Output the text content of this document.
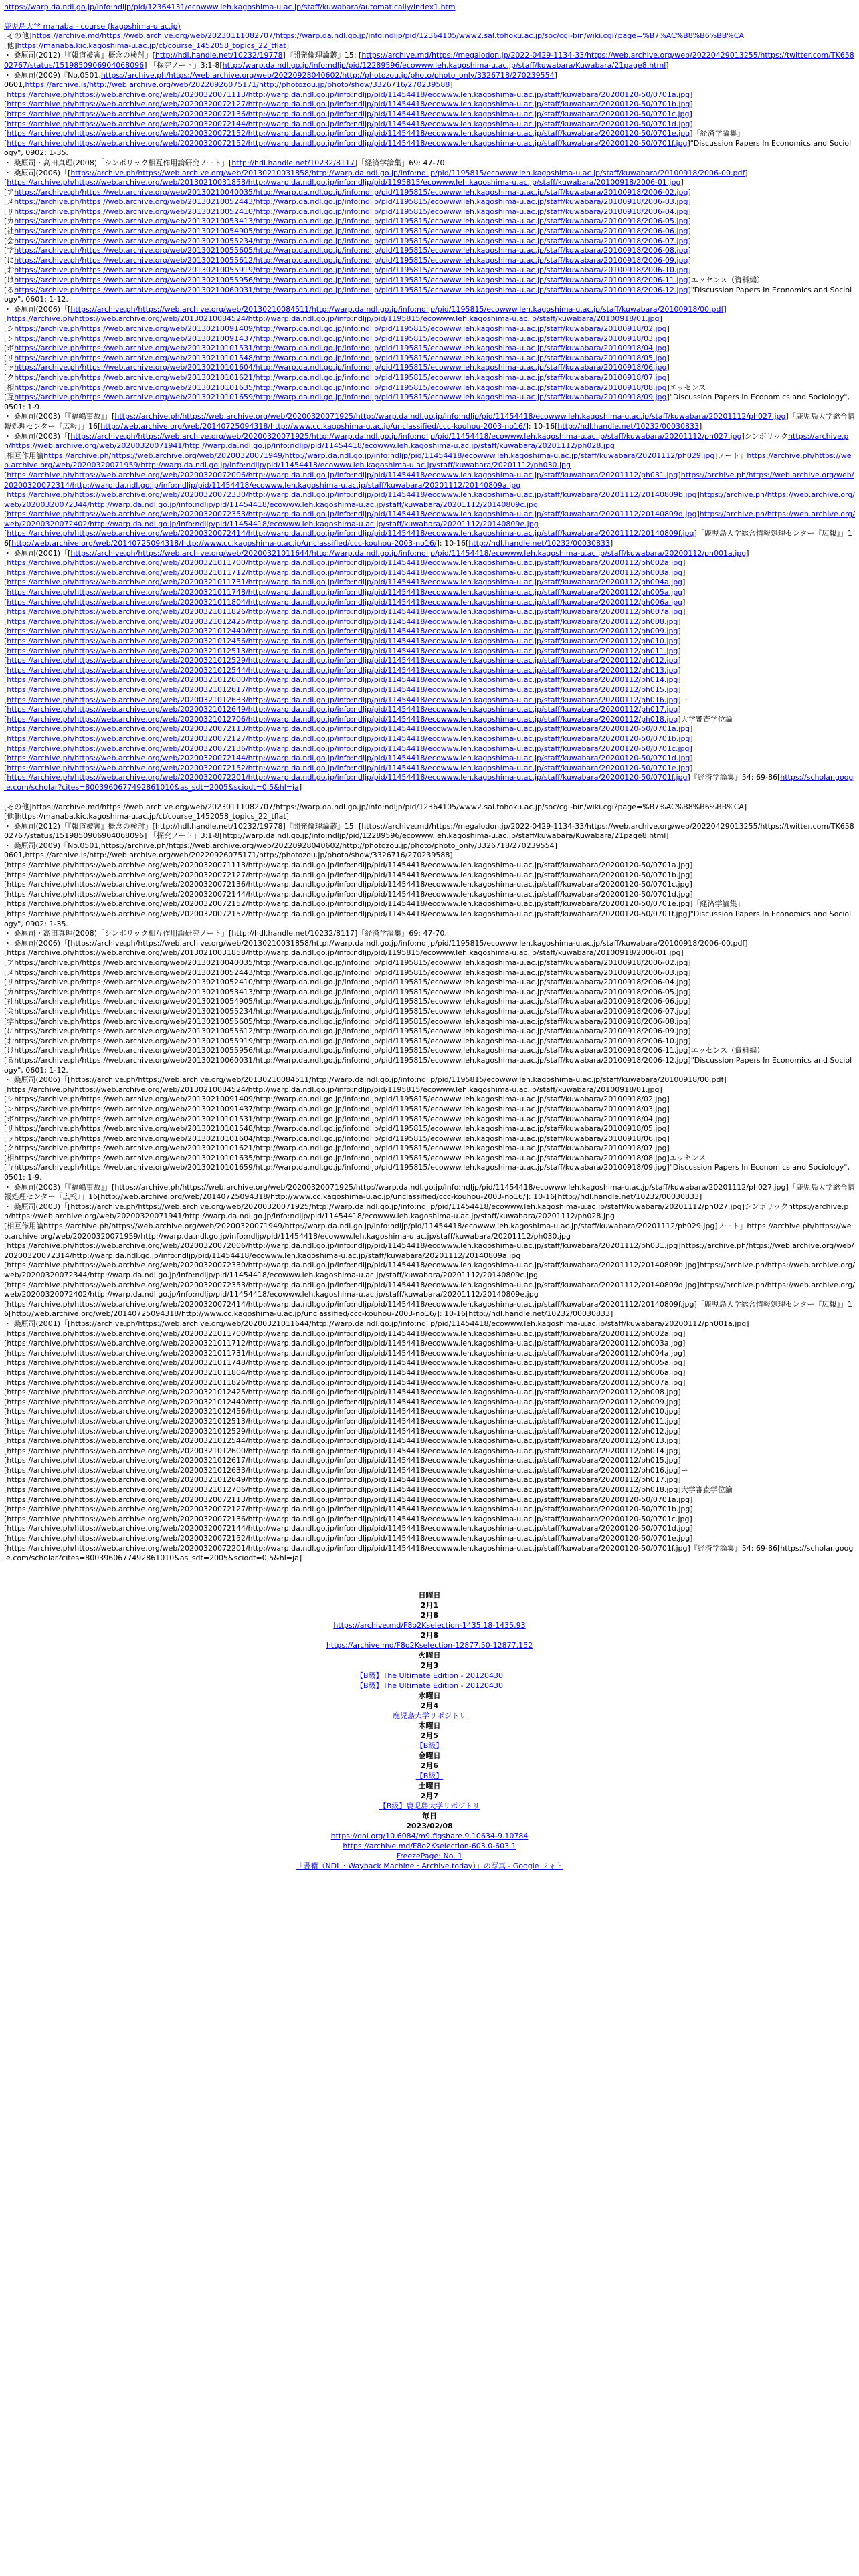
https://warp.da.ndl.go.jp/info:ndljp/pid/12364131/ecowww.leh.kagoshima-u.ac.jp/staff/kuwabara/automatically/index1.htm
鹿児島大学 manaba - course (kagoshima-u.ac.jp)
[その他]https://archive.md/https://web.archive.org/web/20230111082707/https://warp.da.ndl.go.jp/info:ndljp/pid/12364105/www2.sal.tohoku.ac.jp/soc/cgi-bin/wiki.cgi?page=%B7%AC%B8%B6%BB%CA
[他]https://manaba.kic.kagoshima-u.ac.jp/ct/course_1452058_topics_22_tflat]
・ 桑原司(2012)「『報道被害』概念の検討」[http://hdl.handle.net/10232/19778]『開発倫理論叢』15: [https://archive.md/https://megalodon.jp/2022-0429-1134-33/https://web.archive.org/web/20220429013255/https://twitter.com/TK65802767/status/1519850906904068096] 「探究ノート」3:1-8[http://warp.da.ndl.go.jp/info:ndljp/pid/12289596/ecowww.leh.kagoshima-u.ac.jp/staff/kuwabara/Kuwabara/21page8.html]
・ 桑原司(2009)『No.0501,https://archive.ph/https://web.archive.org/web/20220928040602/http://photozou.jp/photo/photo_only/3326718/270239554]
0601,https://archive.is/http://web.archive.org/web/20220926075171/http://photozou.jp/photo/show/3326716/270239588]
[https://archive.ph/https://web.archive.org/web/20200320071113/http://warp.da.ndl.go.jp/info:ndljp/pid/11454418/ecowww.leh.kagoshima-u.ac.jp/staff/kuwabara/20200120-50/0701a.jpg]
[https://archive.ph/https://web.archive.org/web/20200320072127/http://warp.da.ndl.go.jp/info:ndljp/pid/11454418/ecowww.leh.kagoshima-u.ac.jp/staff/kuwabara/20200120-50/0701b.jpg]
[https://archive.ph/https://web.archive.org/web/20200320072136/http://warp.da.ndl.go.jp/info:ndljp/pid/11454418/ecowww.leh.kagoshima-u.ac.jp/staff/kuwabara/20200120-50/0701c.jpg]
[https://archive.ph/https://web.archive.org/web/20200320072144/http://warp.da.ndl.go.jp/info:ndljp/pid/11454418/ecowww.leh.kagoshima-u.ac.jp/staff/kuwabara/20200120-50/0701d.jpg]
[https://archive.ph/https://web.archive.org/web/20200320072152/http://warp.da.ndl.go.jp/info:ndljp/pid/11454418/ecowww.leh.kagoshima-u.ac.jp/staff/kuwabara/20200120-50/0701e.jpg]「経済学論集」
[https://archive.ph/https://web.archive.org/web/20200320072152/http://warp.da.ndl.go.jp/info:ndljp/pid/11454418/ecowww.leh.kagoshima-u.ac.jp/staff/kuwabara/20200120-50/0701f.jpg]"Discussion Papers In Economics and Sociology", 0902: 1-35.
・ 桑原司・高田真理(2008)「シンボリック相互作用論研究ノート」[http://hdl.handle.net/10232/8117]「経済学論集」69: 47-70.
・ 桑原司(2006)「[https://archive.ph/https://web.archive.org/web/20130210031858/http://warp.da.ndl.go.jp/info:ndljp/pid/1195815/ecowww.leh.kagoshima-u.ac.jp/staff/kuwabara/20100918/2006-00.pdf]
[https://archive.ph/https://web.archive.org/web/20130210031858/http://warp.da.ndl.go.jp/info:ndljp/pid/1195815/ecowww.leh.kagoshima-u.ac.jp/staff/kuwabara/20100918/2006-01.jpg]
[アhttps://archive.ph/https://web.archive.org/web/20130210040035/http://warp.da.ndl.go.jp/info:ndljp/pid/1195815/ecowww.leh.kagoshima-u.ac.jp/staff/kuwabara/20100918/2006-02.jpg]
[メhttps://archive.ph/https://web.archive.org/web/20130210052443/http://warp.da.ndl.go.jp/info:ndljp/pid/1195815/ecowww.leh.kagoshima-u.ac.jp/staff/kuwabara/20100918/2006-03.jpg]
[リhttps://archive.ph/https://web.archive.org/web/20130210052410/http://warp.da.ndl.go.jp/info:ndljp/pid/1195815/ecowww.leh.kagoshima-u.ac.jp/staff/kuwabara/20100918/2006-04.jpg]
[カhttps://archive.ph/https://web.archive.org/web/20130210053413/http://warp.da.ndl.go.jp/info:ndljp/pid/1195815/ecowww.leh.kagoshima-u.ac.jp/staff/kuwabara/20100918/2006-05.jpg]
[社https://archive.ph/https://web.archive.org/web/20130210054905/http://warp.da.ndl.go.jp/info:ndljp/pid/1195815/ecowww.leh.kagoshima-u.ac.jp/staff/kuwabara/20100918/2006-06.jpg]
[会https://archive.ph/https://web.archive.org/web/20130210055234/http://warp.da.ndl.go.jp/info:ndljp/pid/1195815/ecowww.leh.kagoshima-u.ac.jp/staff/kuwabara/20100918/2006-07.jpg]
[学https://archive.ph/https://web.archive.org/web/20130210055605/http://warp.da.ndl.go.jp/info:ndljp/pid/1195815/ecowww.leh.kagoshima-u.ac.jp/staff/kuwabara/20100918/2006-08.jpg]
[にhttps://archive.ph/https://web.archive.org/web/20130210055612/http://warp.da.ndl.go.jp/info:ndljp/pid/1195815/ecowww.leh.kagoshima-u.ac.jp/staff/kuwabara/20100918/2006-09.jpg]
[おhttps://archive.ph/https://web.archive.org/web/20130210055919/http://warp.da.ndl.go.jp/info:ndljp/pid/1195815/ecowww.leh.kagoshima-u.ac.jp/staff/kuwabara/20100918/2006-10.jpg]
[けhttps://archive.ph/https://web.archive.org/web/20130210055956/http://warp.da.ndl.go.jp/info:ndljp/pid/1195815/ecowww.leh.kagoshima-u.ac.jp/staff/kuwabara/20100918/2006-11.jpg]エッセンス（資料編）
[るhttps://archive.ph/https://web.archive.org/web/20130210060031/http://warp.da.ndl.go.jp/info:ndljp/pid/1195815/ecowww.leh.kagoshima-u.ac.jp/staff/kuwabara/20100918/2006-12.jpg]"Discussion Papers In Economics and Sociology", 0601: 1-12.
・ 桑原司(2006)「[https://archive.ph/https://web.archive.org/web/20130210084511/http://warp.da.ndl.go.jp/info:ndljp/pid/1195815/ecowww.leh.kagoshima-u.ac.jp/staff/kuwabara/20100918/00.pdf]
[https://archive.ph/https://web.archive.org/web/20130210084524/http://warp.da.ndl.go.jp/info:ndljp/pid/1195815/ecowww.leh.kagoshima-u.ac.jp/staff/kuwabara/20100918/01.jpg]
[シhttps://archive.ph/https://web.archive.org/web/20130210091409/http://warp.da.ndl.go.jp/info:ndljp/pid/1195815/ecowww.leh.kagoshima-u.ac.jp/staff/kuwabara/20100918/02.jpg]
[ンhttps://archive.ph/https://web.archive.org/web/20130210091437/http://warp.da.ndl.go.jp/info:ndljp/pid/1195815/ecowww.leh.kagoshima-u.ac.jp/staff/kuwabara/20100918/03.jpg]
[ボhttps://archive.ph/https://web.archive.org/web/20130210101531/http://warp.da.ndl.go.jp/info:ndljp/pid/1195815/ecowww.leh.kagoshima-u.ac.jp/staff/kuwabara/20100918/04.jpg]
[リhttps://archive.ph/https://web.archive.org/web/20130210101548/http://warp.da.ndl.go.jp/info:ndljp/pid/1195815/ecowww.leh.kagoshima-u.ac.jp/staff/kuwabara/20100918/05.jpg]
[ッhttps://archive.ph/https://web.archive.org/web/20130210101604/http://warp.da.ndl.go.jp/info:ndljp/pid/1195815/ecowww.leh.kagoshima-u.ac.jp/staff/kuwabara/20100918/06.jpg]
[クhttps://archive.ph/https://web.archive.org/web/20130210101621/http://warp.da.ndl.go.jp/info:ndljp/pid/1195815/ecowww.leh.kagoshima-u.ac.jp/staff/kuwabara/20100918/07.jpg]
[相https://archive.ph/https://web.archive.org/web/20130210101635/http://warp.da.ndl.go.jp/info:ndljp/pid/1195815/ecowww.leh.kagoshima-u.ac.jp/staff/kuwabara/20100918/08.jpg]エッセンス
[互https://archive.ph/https://web.archive.org/web/20130210101659/http://warp.da.ndl.go.jp/info:ndljp/pid/1195815/ecowww.leh.kagoshima-u.ac.jp/staff/kuwabara/20100918/09.jpg]"Discussion Papers In Economics and Sociology", 0501: 1-9.
・ 桑原司(2003)「『福嶋事故』」[https://archive.ph/https://web.archive.org/web/20200320071925/http://warp.da.ndl.go.jp/info:ndljp/pid/11454418/ecowww.leh.kagoshima-u.ac.jp/staff/kuwabara/20201112/ph027.jpg]「鹿児島大学総合情報処理センター『広報』」16[http://web.archive.org/web/20140725094318/http://www.cc.kagoshima-u.ac.jp/unclassified/ccc-kouhou-2003-no16/]: 10-16[http://hdl.handle.net/10232/00030833]
・ 桑原司(2003)「[https://archive.ph/https://web.archive.org/web/20200320071925/http://warp.da.ndl.go.jp/info:ndljp/pid/11454418/ecowww.leh.kagoshima-u.ac.jp/staff/kuwabara/20201112/ph027.jpg]シンボリックhttps://archive.ph/https://web.archive.org/web/20200320071941/http://warp.da.ndl.go.jp/info:ndljp/pid/11454418/ecowww.leh.kagoshima-u.ac.jp/staff/kuwabara/20201112/ph028.jpg
[相互作用論https://archive.ph/https://web.archive.org/web/20200320071949/http://warp.da.ndl.go.jp/info:ndljp/pid/11454418/ecowww.leh.kagoshima-u.ac.jp/staff/kuwabara/20201112/ph029.jpg]ノート」https://archive.ph/https://web.archive.org/web/20200320071959/http://warp.da.ndl.go.jp/info:ndljp/pid/11454418/ecowww.leh.kagoshima-u.ac.jp/staff/kuwabara/20201112/ph030.jpg
[https://archive.ph/https://web.archive.org/web/20200320072006/http://warp.da.ndl.go.jp/info:ndljp/pid/11454418/ecowww.leh.kagoshima-u.ac.jp/staff/kuwabara/20201112/ph031.jpg]https://archive.ph/https://web.archive.org/web/20200320072314/http://warp.da.ndl.go.jp/info:ndljp/pid/11454418/ecowww.leh.kagoshima-u.ac.jp/staff/kuwabara/20201112/20140809a.jpg
[https://archive.ph/https://web.archive.org/web/20200320072330/http://warp.da.ndl.go.jp/info:ndljp/pid/11454418/ecowww.leh.kagoshima-u.ac.jp/staff/kuwabara/20201112/20140809b.jpg]https://archive.ph/https://web.archive.org/web/20200320072344/http://warp.da.ndl.go.jp/info:ndljp/pid/11454418/ecowww.leh.kagoshima-u.ac.jp/staff/kuwabara/20201112/20140809c.jpg
[https://archive.ph/https://web.archive.org/web/20200320072353/http://warp.da.ndl.go.jp/info:ndljp/pid/11454418/ecowww.leh.kagoshima-u.ac.jp/staff/kuwabara/20201112/20140809d.jpg]https://archive.ph/https://web.archive.org/web/20200320072402/http://warp.da.ndl.go.jp/info:ndljp/pid/11454418/ecowww.leh.kagoshima-u.ac.jp/staff/kuwabara/20201112/20140809e.jpg
[https://archive.ph/https://web.archive.org/web/20200320072414/http://warp.da.ndl.go.jp/info:ndljp/pid/11454418/ecowww.leh.kagoshima-u.ac.jp/staff/kuwabara/20201112/20140809f.jpg]「鹿児島大学総合情報処理センター『広報』」16[http://web.archive.org/web/20140725094318/http://www.cc.kagoshima-u.ac.jp/unclassified/ccc-kouhou-2003-no16/]: 10-16[http://hdl.handle.net/10232/00030833]
・ 桑原司(2001)「[https://archive.ph/https://web.archive.org/web/20200321011644/http://warp.da.ndl.go.jp/info:ndljp/pid/11454418/ecowww.leh.kagoshima-u.ac.jp/staff/kuwabara/20200112/ph001a.jpg]
[https://archive.ph/https://web.archive.org/web/20200321011700/http://warp.da.ndl.go.jp/info:ndljp/pid/11454418/ecowww.leh.kagoshima-u.ac.jp/staff/kuwabara/20200112/ph002a.jpg]
[https://archive.ph/https://web.archive.org/web/20200321011712/http://warp.da.ndl.go.jp/info:ndljp/pid/11454418/ecowww.leh.kagoshima-u.ac.jp/staff/kuwabara/20200112/ph003a.jpg]
[https://archive.ph/https://web.archive.org/web/20200321011731/http://warp.da.ndl.go.jp/info:ndljp/pid/11454418/ecowww.leh.kagoshima-u.ac.jp/staff/kuwabara/20200112/ph004a.jpg]
[https://archive.ph/https://web.archive.org/web/20200321011748/http://warp.da.ndl.go.jp/info:ndljp/pid/11454418/ecowww.leh.kagoshima-u.ac.jp/staff/kuwabara/20200112/ph005a.jpg]
[https://archive.ph/https://web.archive.org/web/20200321011804/http://warp.da.ndl.go.jp/info:ndljp/pid/11454418/ecowww.leh.kagoshima-u.ac.jp/staff/kuwabara/20200112/ph006a.jpg]
[https://archive.ph/https://web.archive.org/web/20200321011826/http://warp.da.ndl.go.jp/info:ndljp/pid/11454418/ecowww.leh.kagoshima-u.ac.jp/staff/kuwabara/20200112/ph007a.jpg]
[https://archive.ph/https://web.archive.org/web/20200321012425/http://warp.da.ndl.go.jp/info:ndljp/pid/11454418/ecowww.leh.kagoshima-u.ac.jp/staff/kuwabara/20200112/ph008.jpg]
[https://archive.ph/https://web.archive.org/web/20200321012440/http://warp.da.ndl.go.jp/info:ndljp/pid/11454418/ecowww.leh.kagoshima-u.ac.jp/staff/kuwabara/20200112/ph009.jpg]
[https://archive.ph/https://web.archive.org/web/20200321012456/http://warp.da.ndl.go.jp/info:ndljp/pid/11454418/ecowww.leh.kagoshima-u.ac.jp/staff/kuwabara/20200112/ph010.jpg]
[https://archive.ph/https://web.archive.org/web/20200321012513/http://warp.da.ndl.go.jp/info:ndljp/pid/11454418/ecowww.leh.kagoshima-u.ac.jp/staff/kuwabara/20200112/ph011.jpg]
[https://archive.ph/https://web.archive.org/web/20200321012529/http://warp.da.ndl.go.jp/info:ndljp/pid/11454418/ecowww.leh.kagoshima-u.ac.jp/staff/kuwabara/20200112/ph012.jpg]
[https://archive.ph/https://web.archive.org/web/20200321012544/http://warp.da.ndl.go.jp/info:ndljp/pid/11454418/ecowww.leh.kagoshima-u.ac.jp/staff/kuwabara/20200112/ph013.jpg]
[https://archive.ph/https://web.archive.org/web/20200321012600/http://warp.da.ndl.go.jp/info:ndljp/pid/11454418/ecowww.leh.kagoshima-u.ac.jp/staff/kuwabara/20200112/ph014.jpg]
[https://archive.ph/https://web.archive.org/web/20200321012617/http://warp.da.ndl.go.jp/info:ndljp/pid/11454418/ecowww.leh.kagoshima-u.ac.jp/staff/kuwabara/20200112/ph015.jpg]
[https://archive.ph/https://web.archive.org/web/20200321012633/http://warp.da.ndl.go.jp/info:ndljp/pid/11454418/ecowww.leh.kagoshima-u.ac.jp/staff/kuwabara/20200112/ph016.jpg]ー
[https://archive.ph/https://web.archive.org/web/20200321012649/http://warp.da.ndl.go.jp/info:ndljp/pid/11454418/ecowww.leh.kagoshima-u.ac.jp/staff/kuwabara/20200112/ph017.jpg]
[https://archive.ph/https://web.archive.org/web/20200321012706/http://warp.da.ndl.go.jp/info:ndljp/pid/11454418/ecowww.leh.kagoshima-u.ac.jp/staff/kuwabara/20200112/ph018.jpg]大学審査学位論
[https://archive.ph/https://web.archive.org/web/20200320072113/http://warp.da.ndl.go.jp/info:ndljp/pid/11454418/ecowww.leh.kagoshima-u.ac.jp/staff/kuwabara/20200120-50/0701a.jpg]
[https://archive.ph/https://web.archive.org/web/20200320072127/http://warp.da.ndl.go.jp/info:ndljp/pid/11454418/ecowww.leh.kagoshima-u.ac.jp/staff/kuwabara/20200120-50/0701b.jpg]
[https://archive.ph/https://web.archive.org/web/20200320072136/http://warp.da.ndl.go.jp/info:ndljp/pid/11454418/ecowww.leh.kagoshima-u.ac.jp/staff/kuwabara/20200120-50/0701c.jpg]
[https://archive.ph/https://web.archive.org/web/20200320072144/http://warp.da.ndl.go.jp/info:ndljp/pid/11454418/ecowww.leh.kagoshima-u.ac.jp/staff/kuwabara/20200120-50/0701d.jpg]
[https://archive.ph/https://web.archive.org/web/20200320072152/http://warp.da.ndl.go.jp/info:ndljp/pid/11454418/ecowww.leh.kagoshima-u.ac.jp/staff/kuwabara/20200120-50/0701e.jpg]
[https://archive.ph/https://web.archive.org/web/20200320072201/http://warp.da.ndl.go.jp/info:ndljp/pid/11454418/ecowww.leh.kagoshima-u.ac.jp/staff/kuwabara/20200120-50/0701f.jpg]『経済学論集』54: 69-86[https://scholar.google.com/scholar?cites=8003960677492861010&as_sdt=2005&sciodt=0,5&hl=ja]
[その他]https://archive.md/https://web.archive.org/web/20230111082707/https://warp.da.ndl.go.jp/info:ndljp/pid/12364105/www2.sal.tohoku.ac.jp/soc/cgi-bin/wiki.cgi?page=%B7%AC%B8%B6%BB%CA]
[他]https://manaba.kic.kagoshima-u.ac.jp/ct/course_1452058_topics_22_tflat]
・ 桑原司(2012)「『報道被害』概念の検討」[http://hdl.handle.net/10232/19778]『開発倫理論叢』15: [https://archive.md/https://megalodon.jp/2022-0429-1134-33/https://web.archive.org/web/20220429013255/https://twitter.com/TK65802767/status/1519850906904068096] 「探究ノート」3:1-8[http://warp.da.ndl.go.jp/info:ndljp/pid/12289596/ecowww.leh.kagoshima-u.ac.jp/staff/kuwabara/Kuwabara/21page8.html]
・ 桑原司(2009)『No.0501,https://archive.ph/https://web.archive.org/web/20220928040602/http://photozou.jp/photo/photo_only/3326718/270239554]
0601,https://archive.is/http://web.archive.org/web/20220926075171/http://photozou.jp/photo/show/3326716/270239588]
[https://archive.ph/https://web.archive.org/web/20200320071113/http://warp.da.ndl.go.jp/info:ndljp/pid/11454418/ecowww.leh.kagoshima-u.ac.jp/staff/kuwabara/20200120-50/0701a.jpg]
[https://archive.ph/https://web.archive.org/web/20200320072127/http://warp.da.ndl.go.jp/info:ndljp/pid/11454418/ecowww.leh.kagoshima-u.ac.jp/staff/kuwabara/20200120-50/0701b.jpg]
[https://archive.ph/https://web.archive.org/web/20200320072136/http://warp.da.ndl.go.jp/info:ndljp/pid/11454418/ecowww.leh.kagoshima-u.ac.jp/staff/kuwabara/20200120-50/0701c.jpg]
[https://archive.ph/https://web.archive.org/web/20200320072144/http://warp.da.ndl.go.jp/info:ndljp/pid/11454418/ecowww.leh.kagoshima-u.ac.jp/staff/kuwabara/20200120-50/0701d.jpg]
[https://archive.ph/https://web.archive.org/web/20200320072152/http://warp.da.ndl.go.jp/info:ndljp/pid/11454418/ecowww.leh.kagoshima-u.ac.jp/staff/kuwabara/20200120-50/0701e.jpg]「経済学論集」
[https://archive.ph/https://web.archive.org/web/20200320072152/http://warp.da.ndl.go.jp/info:ndljp/pid/11454418/ecowww.leh.kagoshima-u.ac.jp/staff/kuwabara/20200120-50/0701f.jpg]"Discussion Papers In Economics and Sociology", 0902: 1-35.
・ 桑原司・高田真理(2008)「シンボリック相互作用論研究ノート」[http://hdl.handle.net/10232/8117]「経済学論集」69: 47-70.
・ 桑原司(2006)「[https://archive.ph/https://web.archive.org/web/20130210031858/http://warp.da.ndl.go.jp/info:ndljp/pid/1195815/ecowww.leh.kagoshima-u.ac.jp/staff/kuwabara/20100918/2006-00.pdf]
[https://archive.ph/https://web.archive.org/web/20130210031858/http://warp.da.ndl.go.jp/info:ndljp/pid/1195815/ecowww.leh.kagoshima-u.ac.jp/staff/kuwabara/20100918/2006-01.jpg]
[アhttps://archive.ph/https://web.archive.org/web/20130210040035/http://warp.da.ndl.go.jp/info:ndljp/pid/1195815/ecowww.leh.kagoshima-u.ac.jp/staff/kuwabara/20100918/2006-02.jpg]
[メhttps://archive.ph/https://web.archive.org/web/20130210052443/http://warp.da.ndl.go.jp/info:ndljp/pid/1195815/ecowww.leh.kagoshima-u.ac.jp/staff/kuwabara/20100918/2006-03.jpg]
[リhttps://archive.ph/https://web.archive.org/web/20130210052410/http://warp.da.ndl.go.jp/info:ndljp/pid/1195815/ecowww.leh.kagoshima-u.ac.jp/staff/kuwabara/20100918/2006-04.jpg]
[カhttps://archive.ph/https://web.archive.org/web/20130210053413/http://warp.da.ndl.go.jp/info:ndljp/pid/1195815/ecowww.leh.kagoshima-u.ac.jp/staff/kuwabara/20100918/2006-05.jpg]
[社https://archive.ph/https://web.archive.org/web/20130210054905/http://warp.da.ndl.go.jp/info:ndljp/pid/1195815/ecowww.leh.kagoshima-u.ac.jp/staff/kuwabara/20100918/2006-06.jpg]
[会https://archive.ph/https://web.archive.org/web/20130210055234/http://warp.da.ndl.go.jp/info:ndljp/pid/1195815/ecowww.leh.kagoshima-u.ac.jp/staff/kuwabara/20100918/2006-07.jpg]
[学https://archive.ph/https://web.archive.org/web/20130210055605/http://warp.da.ndl.go.jp/info:ndljp/pid/1195815/ecowww.leh.kagoshima-u.ac.jp/staff/kuwabara/20100918/2006-08.jpg]
[にhttps://archive.ph/https://web.archive.org/web/20130210055612/http://warp.da.ndl.go.jp/info:ndljp/pid/1195815/ecowww.leh.kagoshima-u.ac.jp/staff/kuwabara/20100918/2006-09.jpg]
[おhttps://archive.ph/https://web.archive.org/web/20130210055919/http://warp.da.ndl.go.jp/info:ndljp/pid/1195815/ecowww.leh.kagoshima-u.ac.jp/staff/kuwabara/20100918/2006-10.jpg]
[けhttps://archive.ph/https://web.archive.org/web/20130210055956/http://warp.da.ndl.go.jp/info:ndljp/pid/1195815/ecowww.leh.kagoshima-u.ac.jp/staff/kuwabara/20100918/2006-11.jpg]エッセンス（資料編）
[るhttps://archive.ph/https://web.archive.org/web/20130210060031/http://warp.da.ndl.go.jp/info:ndljp/pid/1195815/ecowww.leh.kagoshima-u.ac.jp/staff/kuwabara/20100918/2006-12.jpg]"Discussion Papers In Economics and Sociology", 0601: 1-12.
・ 桑原司(2006)「[https://archive.ph/https://web.archive.org/web/20130210084511/http://warp.da.ndl.go.jp/info:ndljp/pid/1195815/ecowww.leh.kagoshima-u.ac.jp/staff/kuwabara/20100918/00.pdf]
[https://archive.ph/https://web.archive.org/web/20130210084524/http://warp.da.ndl.go.jp/info:ndljp/pid/1195815/ecowww.leh.kagoshima-u.ac.jp/staff/kuwabara/20100918/01.jpg]
[シhttps://archive.ph/https://web.archive.org/web/20130210091409/http://warp.da.ndl.go.jp/info:ndljp/pid/1195815/ecowww.leh.kagoshima-u.ac.jp/staff/kuwabara/20100918/02.jpg]
[ンhttps://archive.ph/https://web.archive.org/web/20130210091437/http://warp.da.ndl.go.jp/info:ndljp/pid/1195815/ecowww.leh.kagoshima-u.ac.jp/staff/kuwabara/20100918/03.jpg]
[ボhttps://archive.ph/https://web.archive.org/web/20130210101531/http://warp.da.ndl.go.jp/info:ndljp/pid/1195815/ecowww.leh.kagoshima-u.ac.jp/staff/kuwabara/20100918/04.jpg]
[リhttps://archive.ph/https://web.archive.org/web/20130210101548/http://warp.da.ndl.go.jp/info:ndljp/pid/1195815/ecowww.leh.kagoshima-u.ac.jp/staff/kuwabara/20100918/05.jpg]
[ッhttps://archive.ph/https://web.archive.org/web/20130210101604/http://warp.da.ndl.go.jp/info:ndljp/pid/1195815/ecowww.leh.kagoshima-u.ac.jp/staff/kuwabara/20100918/06.jpg]
[クhttps://archive.ph/https://web.archive.org/web/20130210101621/http://warp.da.ndl.go.jp/info:ndljp/pid/1195815/ecowww.leh.kagoshima-u.ac.jp/staff/kuwabara/20100918/07.jpg]
[相https://archive.ph/https://web.archive.org/web/20130210101635/http://warp.da.ndl.go.jp/info:ndljp/pid/1195815/ecowww.leh.kagoshima-u.ac.jp/staff/kuwabara/20100918/08.jpg]エッセンス
[互https://archive.ph/https://web.archive.org/web/20130210101659/http://warp.da.ndl.go.jp/info:ndljp/pid/1195815/ecowww.leh.kagoshima-u.ac.jp/staff/kuwabara/20100918/09.jpg]"Discussion Papers In Economics and Sociology", 0501: 1-9.
・ 桑原司(2003)「『福嶋事故』」[https://archive.ph/https://web.archive.org/web/20200320071925/http://warp.da.ndl.go.jp/info:ndljp/pid/11454418/ecowww.leh.kagoshima-u.ac.jp/staff/kuwabara/20201112/ph027.jpg]「鹿児島大学総合情報処理センター『広報』」16[http://web.archive.org/web/20140725094318/http://www.cc.kagoshima-u.ac.jp/unclassified/ccc-kouhou-2003-no16/]: 10-16[http://hdl.handle.net/10232/00030833]
・ 桑原司(2003)「[https://archive.ph/https://web.archive.org/web/20200320071925/http://warp.da.ndl.go.jp/info:ndljp/pid/11454418/ecowww.leh.kagoshima-u.ac.jp/staff/kuwabara/20201112/ph027.jpg]シンボリックhttps://archive.ph/https://web.archive.org/web/20200320071941/http://warp.da.ndl.go.jp/info:ndljp/pid/11454418/ecowww.leh.kagoshima-u.ac.jp/staff/kuwabara/20201112/ph028.jpg
[相互作用論https://archive.ph/https://web.archive.org/web/20200320071949/http://warp.da.ndl.go.jp/info:ndljp/pid/11454418/ecowww.leh.kagoshima-u.ac.jp/staff/kuwabara/20201112/ph029.jpg]ノート」https://archive.ph/https://web.archive.org/web/20200320071959/http://warp.da.ndl.go.jp/info:ndljp/pid/11454418/ecowww.leh.kagoshima-u.ac.jp/staff/kuwabara/20201112/ph030.jpg
[https://archive.ph/https://web.archive.org/web/20200320072006/http://warp.da.ndl.go.jp/info:ndljp/pid/11454418/ecowww.leh.kagoshima-u.ac.jp/staff/kuwabara/20201112/ph031.jpg]https://archive.ph/https://web.archive.org/web/20200320072314/http://warp.da.ndl.go.jp/info:ndljp/pid/11454418/ecowww.leh.kagoshima-u.ac.jp/staff/kuwabara/20201112/20140809a.jpg
[https://archive.ph/https://web.archive.org/web/20200320072330/http://warp.da.ndl.go.jp/info:ndljp/pid/11454418/ecowww.leh.kagoshima-u.ac.jp/staff/kuwabara/20201112/20140809b.jpg]https://archive.ph/https://web.archive.org/web/20200320072344/http://warp.da.ndl.go.jp/info:ndljp/pid/11454418/ecowww.leh.kagoshima-u.ac.jp/staff/kuwabara/20201112/20140809c.jpg
[https://archive.ph/https://web.archive.org/web/20200320072353/http://warp.da.ndl.go.jp/info:ndljp/pid/11454418/ecowww.leh.kagoshima-u.ac.jp/staff/kuwabara/20201112/20140809d.jpg]https://archive.ph/https://web.archive.org/web/20200320072402/http://warp.da.ndl.go.jp/info:ndljp/pid/11454418/ecowww.leh.kagoshima-u.ac.jp/staff/kuwabara/20201112/20140809e.jpg
[https://archive.ph/https://web.archive.org/web/20200320072414/http://warp.da.ndl.go.jp/info:ndljp/pid/11454418/ecowww.leh.kagoshima-u.ac.jp/staff/kuwabara/20201112/20140809f.jpg]「鹿児島大学総合情報処理センター『広報』」16[http://web.archive.org/web/20140725094318/http://www.cc.kagoshima-u.ac.jp/unclassified/ccc-kouhou-2003-no16/]: 10-16[http://hdl.handle.net/10232/00030833]
・ 桑原司(2001)「[https://archive.ph/https://web.archive.org/web/20200321011644/http://warp.da.ndl.go.jp/info:ndljp/pid/11454418/ecowww.leh.kagoshima-u.ac.jp/staff/kuwabara/20200112/ph001a.jpg]
[https://archive.ph/https://web.archive.org/web/20200321011700/http://warp.da.ndl.go.jp/info:ndljp/pid/11454418/ecowww.leh.kagoshima-u.ac.jp/staff/kuwabara/20200112/ph002a.jpg]
[https://archive.ph/https://web.archive.org/web/20200321011712/http://warp.da.ndl.go.jp/info:ndljp/pid/11454418/ecowww.leh.kagoshima-u.ac.jp/staff/kuwabara/20200112/ph003a.jpg]
[https://archive.ph/https://web.archive.org/web/20200321011731/http://warp.da.ndl.go.jp/info:ndljp/pid/11454418/ecowww.leh.kagoshima-u.ac.jp/staff/kuwabara/20200112/ph004a.jpg]
[https://archive.ph/https://web.archive.org/web/20200321011748/http://warp.da.ndl.go.jp/info:ndljp/pid/11454418/ecowww.leh.kagoshima-u.ac.jp/staff/kuwabara/20200112/ph005a.jpg]
[https://archive.ph/https://web.archive.org/web/20200321011804/http://warp.da.ndl.go.jp/info:ndljp/pid/11454418/ecowww.leh.kagoshima-u.ac.jp/staff/kuwabara/20200112/ph006a.jpg]
[https://archive.ph/https://web.archive.org/web/20200321011826/http://warp.da.ndl.go.jp/info:ndljp/pid/11454418/ecowww.leh.kagoshima-u.ac.jp/staff/kuwabara/20200112/ph007a.jpg]
[https://archive.ph/https://web.archive.org/web/20200321012425/http://warp.da.ndl.go.jp/info:ndljp/pid/11454418/ecowww.leh.kagoshima-u.ac.jp/staff/kuwabara/20200112/ph008.jpg]
[https://archive.ph/https://web.archive.org/web/20200321012440/http://warp.da.ndl.go.jp/info:ndljp/pid/11454418/ecowww.leh.kagoshima-u.ac.jp/staff/kuwabara/20200112/ph009.jpg]
[https://archive.ph/https://web.archive.org/web/20200321012456/http://warp.da.ndl.go.jp/info:ndljp/pid/11454418/ecowww.leh.kagoshima-u.ac.jp/staff/kuwabara/20200112/ph010.jpg]
[https://archive.ph/https://web.archive.org/web/20200321012513/http://warp.da.ndl.go.jp/info:ndljp/pid/11454418/ecowww.leh.kagoshima-u.ac.jp/staff/kuwabara/20200112/ph011.jpg]
[https://archive.ph/https://web.archive.org/web/20200321012529/http://warp.da.ndl.go.jp/info:ndljp/pid/11454418/ecowww.leh.kagoshima-u.ac.jp/staff/kuwabara/20200112/ph012.jpg]
[https://archive.ph/https://web.archive.org/web/20200321012544/http://warp.da.ndl.go.jp/info:ndljp/pid/11454418/ecowww.leh.kagoshima-u.ac.jp/staff/kuwabara/20200112/ph013.jpg]
[https://archive.ph/https://web.archive.org/web/20200321012600/http://warp.da.ndl.go.jp/info:ndljp/pid/11454418/ecowww.leh.kagoshima-u.ac.jp/staff/kuwabara/20200112/ph014.jpg]
[https://archive.ph/https://web.archive.org/web/20200321012617/http://warp.da.ndl.go.jp/info:ndljp/pid/11454418/ecowww.leh.kagoshima-u.ac.jp/staff/kuwabara/20200112/ph015.jpg]
[https://archive.ph/https://web.archive.org/web/20200321012633/http://warp.da.ndl.go.jp/info:ndljp/pid/11454418/ecowww.leh.kagoshima-u.ac.jp/staff/kuwabara/20200112/ph016.jpg]ー
[https://archive.ph/https://web.archive.org/web/20200321012649/http://warp.da.ndl.go.jp/info:ndljp/pid/11454418/ecowww.leh.kagoshima-u.ac.jp/staff/kuwabara/20200112/ph017.jpg]
[https://archive.ph/https://web.archive.org/web/20200321012706/http://warp.da.ndl.go.jp/info:ndljp/pid/11454418/ecowww.leh.kagoshima-u.ac.jp/staff/kuwabara/20200112/ph018.jpg]大学審査学位論
[https://archive.ph/https://web.archive.org/web/20200320072113/http://warp.da.ndl.go.jp/info:ndljp/pid/11454418/ecowww.leh.kagoshima-u.ac.jp/staff/kuwabara/20200120-50/0701a.jpg]
[https://archive.ph/https://web.archive.org/web/20200320072127/http://warp.da.ndl.go.jp/info:ndljp/pid/11454418/ecowww.leh.kagoshima-u.ac.jp/staff/kuwabara/20200120-50/0701b.jpg]
[https://archive.ph/https://web.archive.org/web/20200320072136/http://warp.da.ndl.go.jp/info:ndljp/pid/11454418/ecowww.leh.kagoshima-u.ac.jp/staff/kuwabara/20200120-50/0701c.jpg]
[https://archive.ph/https://web.archive.org/web/20200320072144/http://warp.da.ndl.go.jp/info:ndljp/pid/11454418/ecowww.leh.kagoshima-u.ac.jp/staff/kuwabara/20200120-50/0701d.jpg]
[https://archive.ph/https://web.archive.org/web/20200320072152/http://warp.da.ndl.go.jp/info:ndljp/pid/11454418/ecowww.leh.kagoshima-u.ac.jp/staff/kuwabara/20200120-50/0701e.jpg]
[https://archive.ph/https://web.archive.org/web/20200320072201/http://warp.da.ndl.go.jp/info:ndljp/pid/11454418/ecowww.leh.kagoshima-u.ac.jp/staff/kuwabara/20200120-50/0701f.jpg]『経済学論集』54: 69-86[https://scholar.google.com/scholar?cites=8003960677492861010&as_sdt=2005&sciodt=0,5&hl=ja]
日曜日
2月1
2月8
https://archive.md/F8o2Kselection-1435.18-1435.93
2月8
https://archive.md/F8o2Kselection-12877.50-12877.152
火曜日
2月3
【B級】The Ultimate Edition - 20120430
【B級】The Ultimate Edition - 20120430
水曜日
2月4
鹿児島大学リポジトリ
木曜日
2月5
【B級】
金曜日
2月6
【B級】
土曜日
2月7
【B級】鹿児島大学リポジトリ
毎日
2023/02/08
https://doi.org/10.6084/m9.figshare.9.10634-9.10784
https://archive.md/F8o2Kselection-603.0-603.1
FreezePage: No. 1
「書籍（NDL・Wayback Machine・Archive.today）」の写真 - Google フォト
